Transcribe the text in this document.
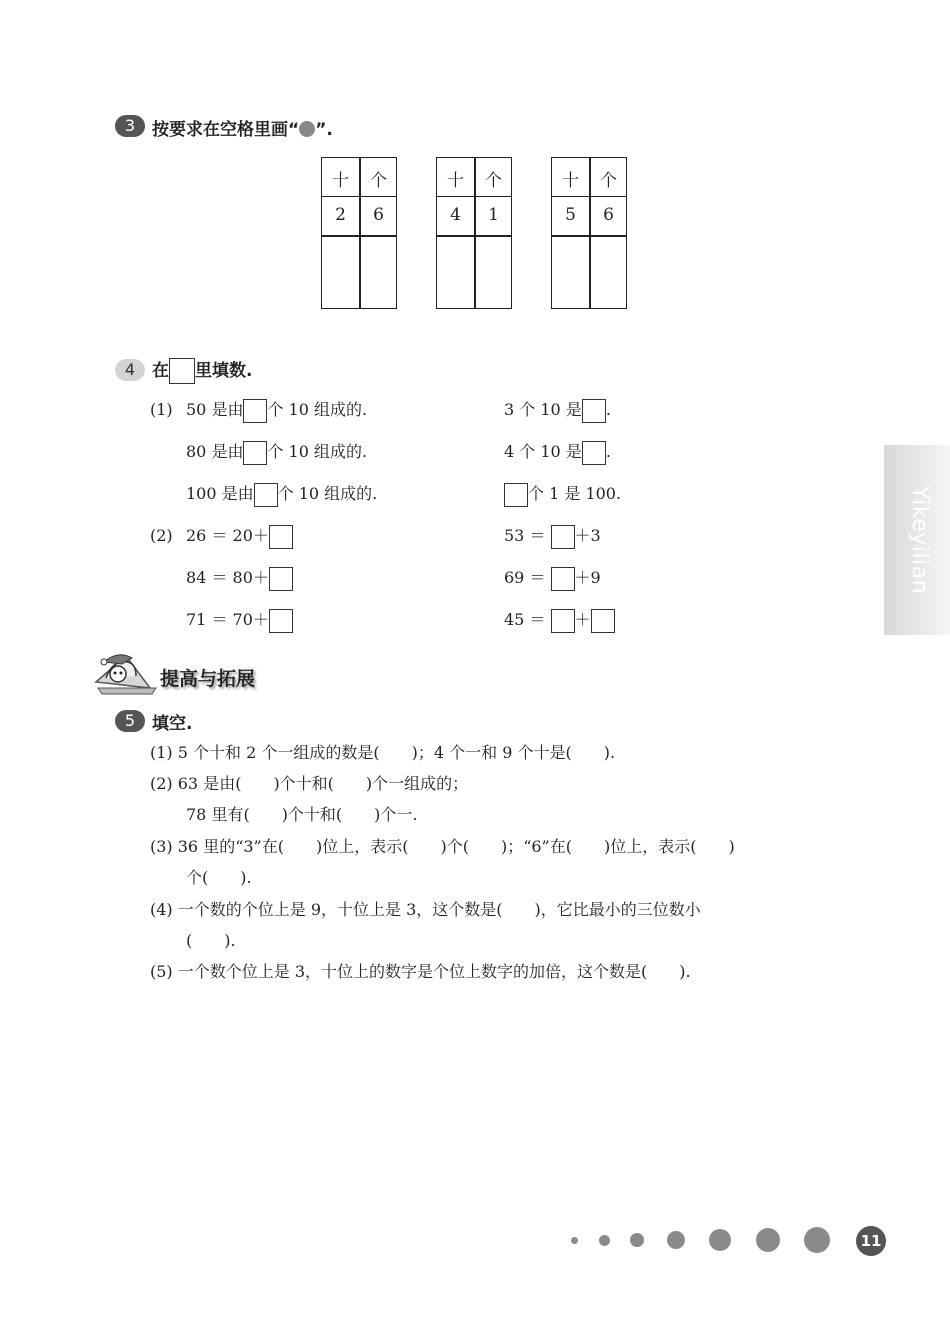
3 按要求在空格里画“ ”.
十	个
2	6
十	个
4	1
十	个
5	6
4 在 里填数.
(1) 50 是由 个 10 组成的.
80 是由 个 10 组成的.
100 是由 个 10 组成的.
3 个 10 是 .
4 个 10 是 .
个 1 是 100.
(2) 26 ＝ 20＋
84 ＝ 80＋
71 ＝ 70＋
53 ＝ ＋3
69 ＝ ＋9
45 ＝ ＋
Yikeyilian
提高与拓展
5 填空.
(1) 5 个十和 2 个一组成的数是(　　)；4 个一和 9 个十是(　　).
(2) 63 是由(　　)个十和(　　)个一组成的；
78 里有(　　)个十和(　　)个一.
(3) 36 里的“3”在(　　)位上，表示(　　)个(　　)；“6”在(　　)位上，表示(　　)
个(　　).
(4) 一个数的个位上是 9，十位上是 3，这个数是(　　)，它比最小的三位数小
(　　).
(5) 一个数个位上是 3，十位上的数字是个位上数字的加倍，这个数是(　　).
11
